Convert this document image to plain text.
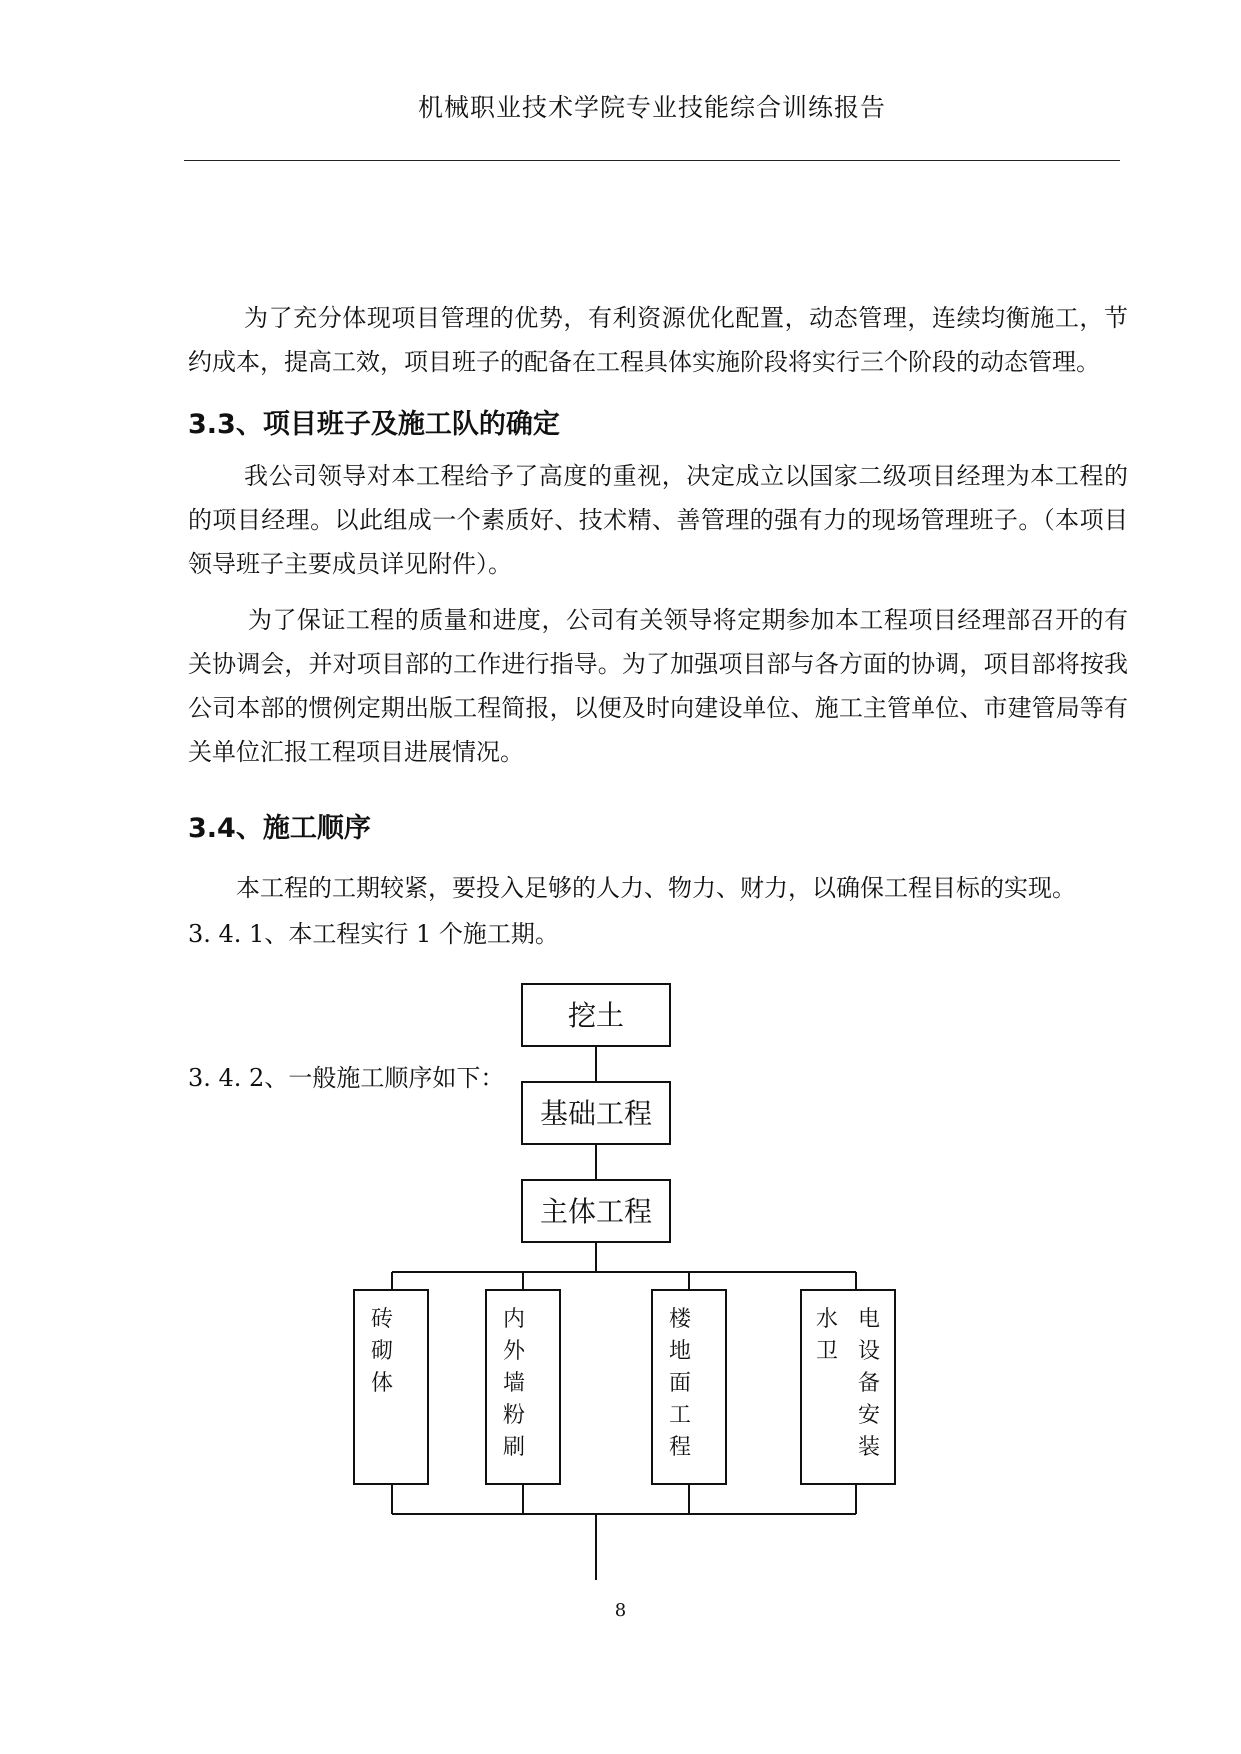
机械职业技术学院专业技能综合训练报告

为了充分体现项目管理的优势，有利资源优化配置，动态管理，连续均衡施工，节约成本，提高工效，项目班子的配备在工程具体实施阶段将实行三个阶段的动态管理。

3.3、项目班子及施工队的确定

我公司领导对本工程给予了高度的重视，决定成立以国家二级项目经理为本工程的的项目经理。以此组成一个素质好、技术精、善管理的强有力的现场管理班子。（本项目领导班子主要成员详见附件）。

为了保证工程的质量和进度，公司有关领导将定期参加本工程项目经理部召开的有关协调会，并对项目部的工作进行指导。为了加强项目部与各方面的协调，项目部将按我公司本部的惯例定期出版工程简报，以便及时向建设单位、施工主管单位、市建管局等有关单位汇报工程项目进展情况。

3.4、施工顺序

本工程的工期较紧，要投入足够的人力、物力、财力，以确保工程目标的实现。

3. 4. 1、本工程实行 1 个施工期。

3. 4. 2、一般施工顺序如下：

挖土
基础工程
主体工程
砖
砌
体
内
外
墙
粉
刷
楼
地
面
工
程
水
卫
电
设
备
安
装
8
